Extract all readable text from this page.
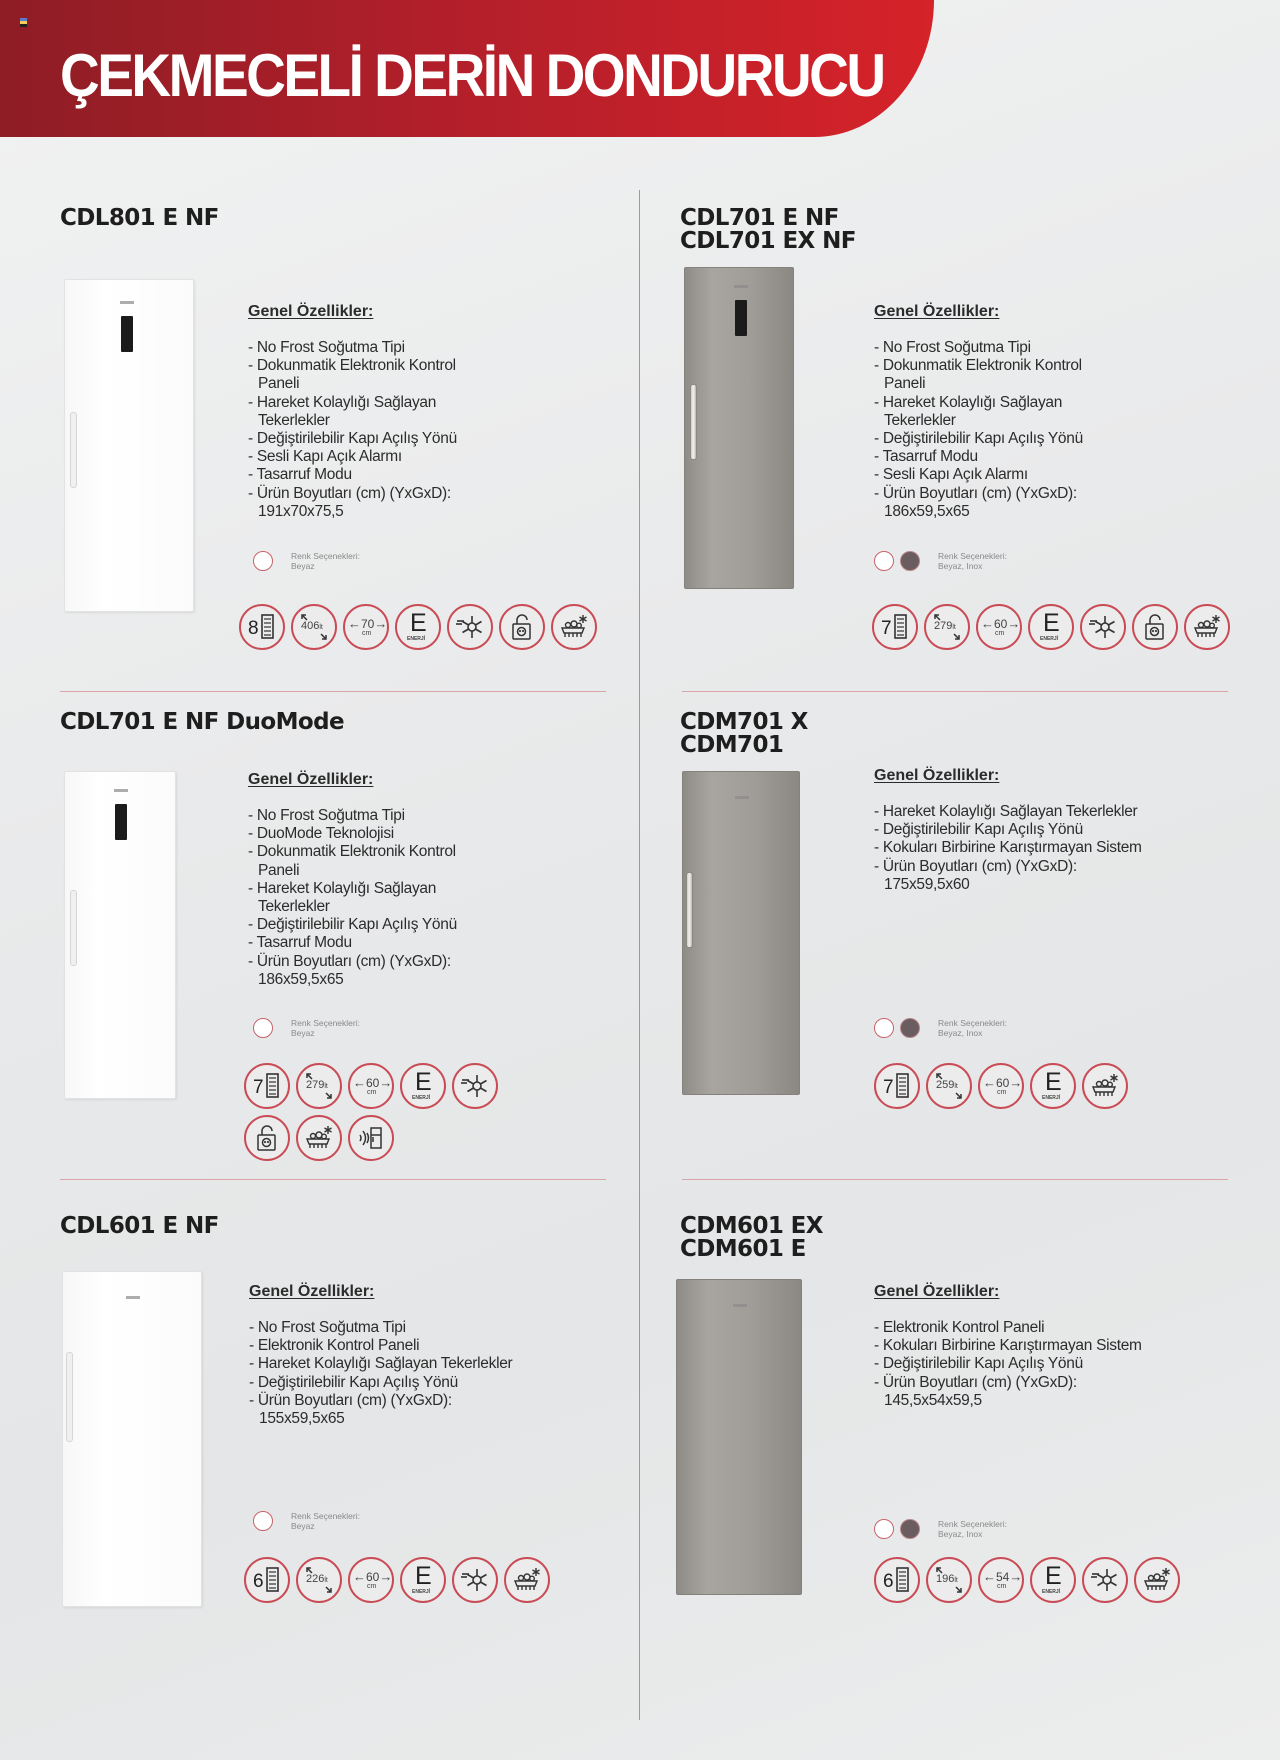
ÇEKMECELİ DERİN DONDURUCU
CDL801 E NF
Genel Özellikler:
- No Frost Soğutma Tipi
- Dokunmatik Elektronik Kontrol
Paneli
- Hareket Kolaylığı Sağlayan
Tekerlekler
- Değiştirilebilir Kapı Açılış Yönü
- Sesli Kapı Açık Alarmı
- Tasarruf Modu
- Ürün Boyutları (cm) (YxGxD):
191x70x75,5
Renk Seçenekleri:
Beyaz
8	406lt ←70→
cm E
ENERJİ
CDL701 E NF
CDL701 EX NF
Genel Özellikler:
- No Frost Soğutma Tipi
- Dokunmatik Elektronik Kontrol
Paneli
- Hareket Kolaylığı Sağlayan
Tekerlekler
- Değiştirilebilir Kapı Açılış Yönü
- Tasarruf Modu
- Sesli Kapı Açık Alarmı
- Ürün Boyutları (cm) (YxGxD):
186x59,5x65
Renk Seçenekleri:
Beyaz, Inox
7	279lt ←60→
cm E
ENERJİ
CDL701 E NF DuoMode
Genel Özellikler:
- No Frost Soğutma Tipi
- DuoMode Teknolojisi
- Dokunmatik Elektronik Kontrol
Paneli
- Hareket Kolaylığı Sağlayan
Tekerlekler
- Değiştirilebilir Kapı Açılış Yönü
- Tasarruf Modu
- Ürün Boyutları (cm) (YxGxD):
186x59,5x65
Renk Seçenekleri:
Beyaz
7	279lt ←60→
cm E
ENERJİ
CDM701 X
CDM701
Genel Özellikler:
- Hareket Kolaylığı Sağlayan Tekerlekler
- Değiştirilebilir Kapı Açılış Yönü
- Kokuları Birbirine Karıştırmayan Sistem
- Ürün Boyutları (cm) (YxGxD):
175x59,5x60
Renk Seçenekleri:
Beyaz, Inox
7	259lt ←60→
cm E
ENERJİ
CDL601 E NF
Genel Özellikler:
- No Frost Soğutma Tipi
- Elektronik Kontrol Paneli
- Hareket Kolaylığı Sağlayan Tekerlekler
- Değiştirilebilir Kapı Açılış Yönü
- Ürün Boyutları (cm) (YxGxD):
155x59,5x65
Renk Seçenekleri:
Beyaz
6	226lt ←60→
cm E
ENERJİ
CDM601 EX
CDM601 E
Genel Özellikler:
- Elektronik Kontrol Paneli
- Kokuları Birbirine Karıştırmayan Sistem
- Değiştirilebilir Kapı Açılış Yönü
- Ürün Boyutları (cm) (YxGxD):
145,5x54x59,5
Renk Seçenekleri:
Beyaz, Inox
6	196lt ←54→
cm E
ENERJİ
